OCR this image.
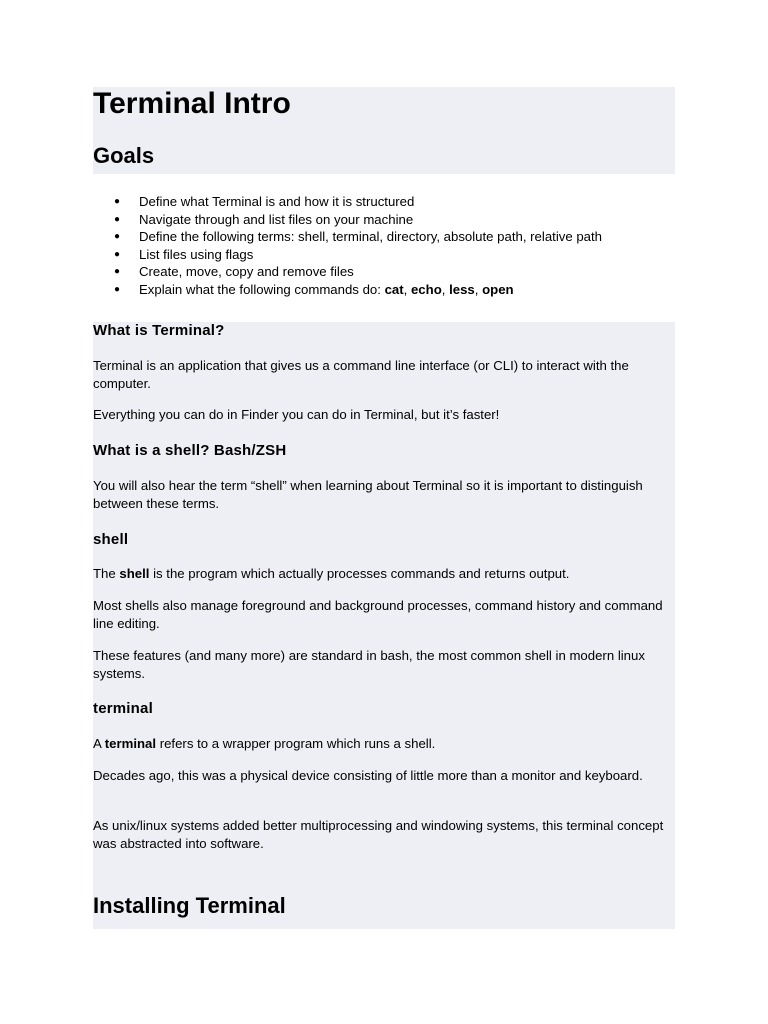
Terminal Intro
Goals
● Define what Terminal is and how it is structured
● Navigate through and list files on your machine
● Define the following terms: shell, terminal, directory, absolute path, relative path
● List files using flags
● Create, move, copy and remove files
● Explain what the following commands do: cat, echo, less, open
What is Terminal?

Terminal is an application that gives us a command line interface (or CLI) to interact with the computer.

Everything you can do in Finder you can do in Terminal, but it’s faster!

What is a shell? Bash/ZSH

You will also hear the term “shell” when learning about Terminal so it is important to distinguish between these terms.

shell

The shell is the program which actually processes commands and returns output.

Most shells also manage foreground and background processes, command history and command line editing.

These features (and many more) are standard in bash, the most common shell in modern linux systems.

terminal

A terminal refers to a wrapper program which runs a shell.

Decades ago, this was a physical device consisting of little more than a monitor and keyboard.

As unix/linux systems added better multiprocessing and windowing systems, this terminal concept was abstracted into software.

Installing Terminal
